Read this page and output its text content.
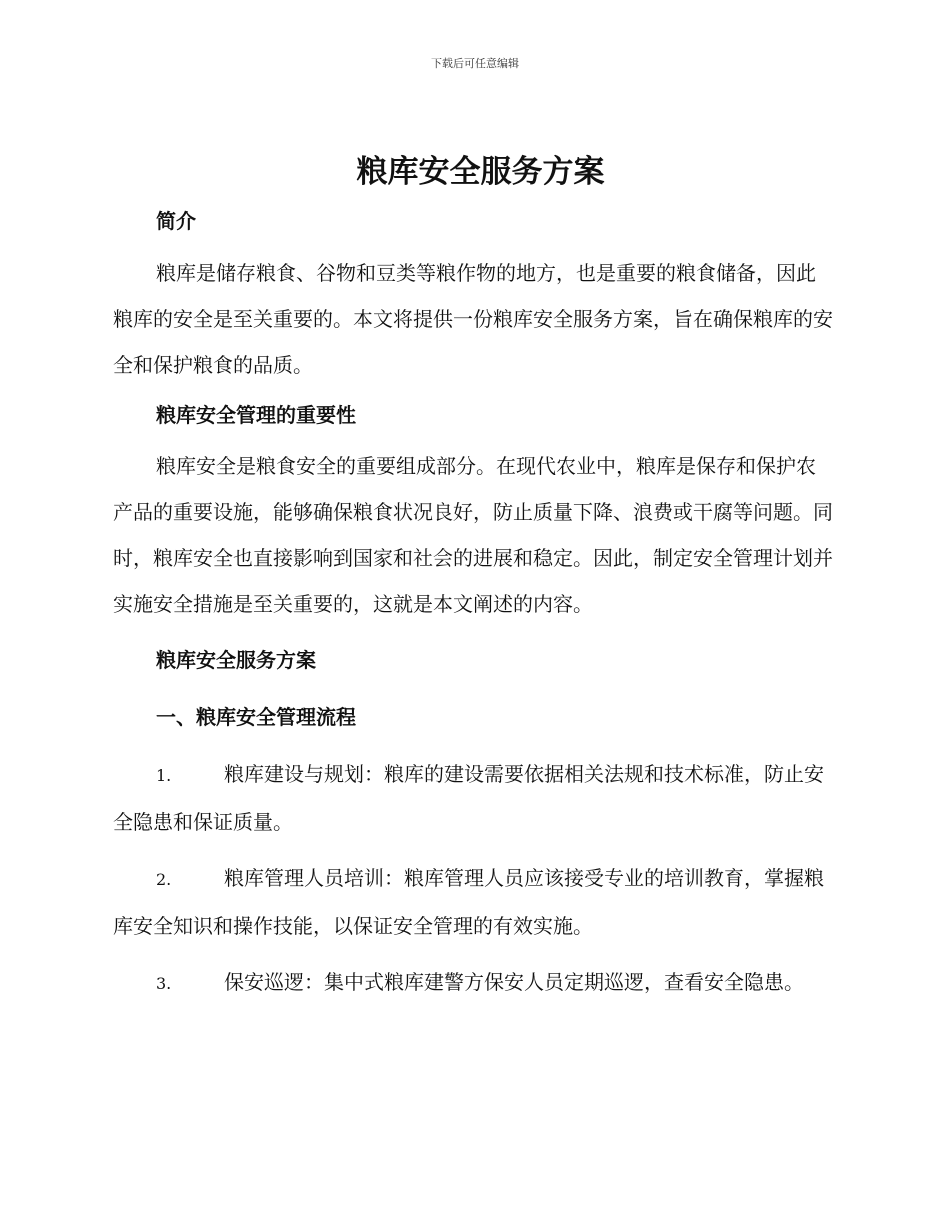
下载后可任意编辑
粮库安全服务方案
简介

粮库是储存粮食、谷物和豆类等粮作物的地方，也是重要的粮食储备，因此粮库的安全是至关重要的。本文将提供一份粮库安全服务方案，旨在确保粮库的安全和保护粮食的品质。

粮库安全管理的重要性

粮库安全是粮食安全的重要组成部分。在现代农业中，粮库是保存和保护农产品的重要设施，能够确保粮食状况良好，防止质量下降、浪费或干腐等问题。同时，粮库安全也直接影响到国家和社会的进展和稳定。因此，制定安全管理计划并实施安全措施是至关重要的，这就是本文阐述的内容。

粮库安全服务方案
一、粮库安全管理流程

1.	粮库建设与规划：粮库的建设需要依据相关法规和技术标准，防止安全隐患和保证质量。

2.	粮库管理人员培训：粮库管理人员应该接受专业的培训教育，掌握粮库安全知识和操作技能，以保证安全管理的有效实施。

3.	保安巡逻：集中式粮库建警方保安人员定期巡逻，查看安全隐患。
